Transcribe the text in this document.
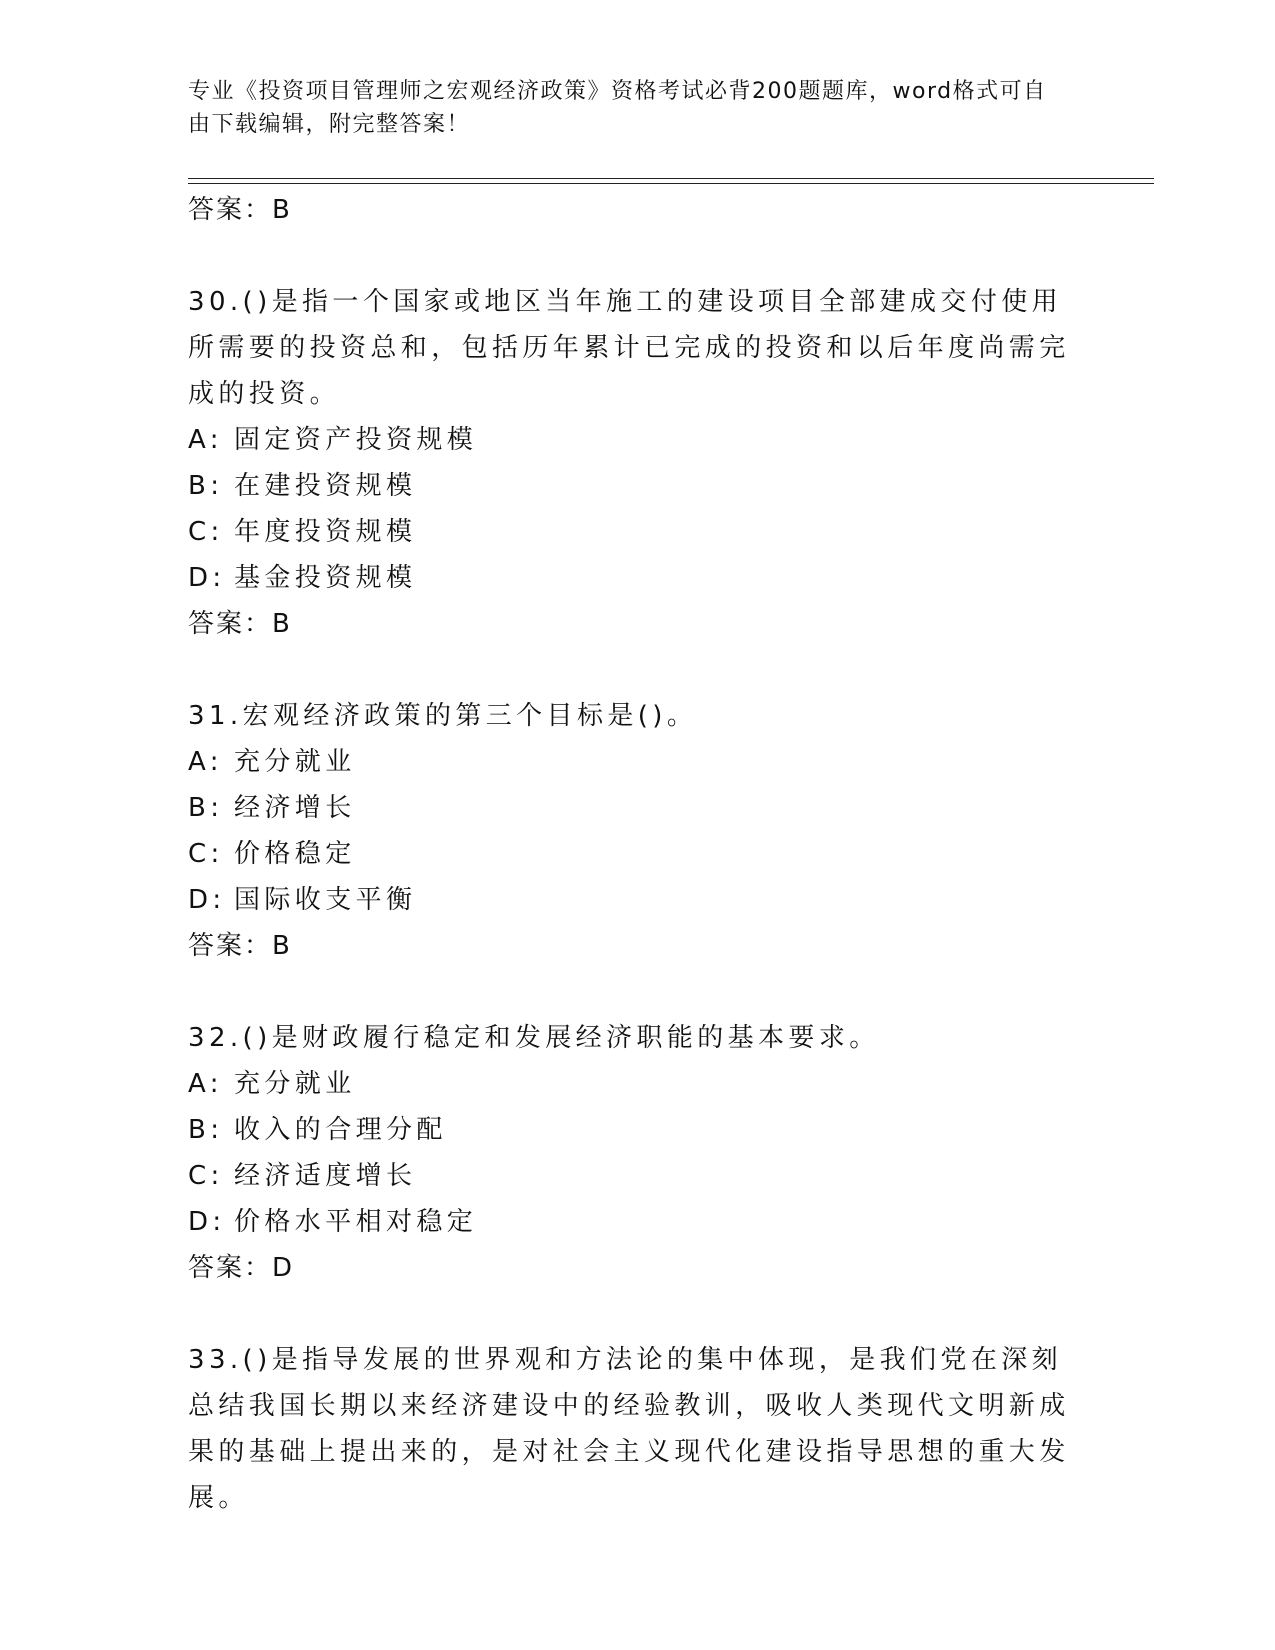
专业《投资项目管理师之宏观经济政策》资格考试必背200题题库，word格式可自由下载编辑，附完整答案！

答案：B

30.()是指一个国家或地区当年施工的建设项目全部建成交付使用所需要的投资总和，包括历年累计已完成的投资和以后年度尚需完成的投资。

A: 固定资产投资规模

B: 在建投资规模

C: 年度投资规模

D: 基金投资规模

答案：B

31.宏观经济政策的第三个目标是()。

A: 充分就业

B: 经济增长

C: 价格稳定

D: 国际收支平衡

答案：B

32.()是财政履行稳定和发展经济职能的基本要求。

A: 充分就业

B: 收入的合理分配

C: 经济适度增长

D: 价格水平相对稳定

答案：D

33.()是指导发展的世界观和方法论的集中体现，是我们党在深刻总结我国长期以来经济建设中的经验教训，吸收人类现代文明新成果的基础上提出来的，是对社会主义现代化建设指导思想的重大发展。
